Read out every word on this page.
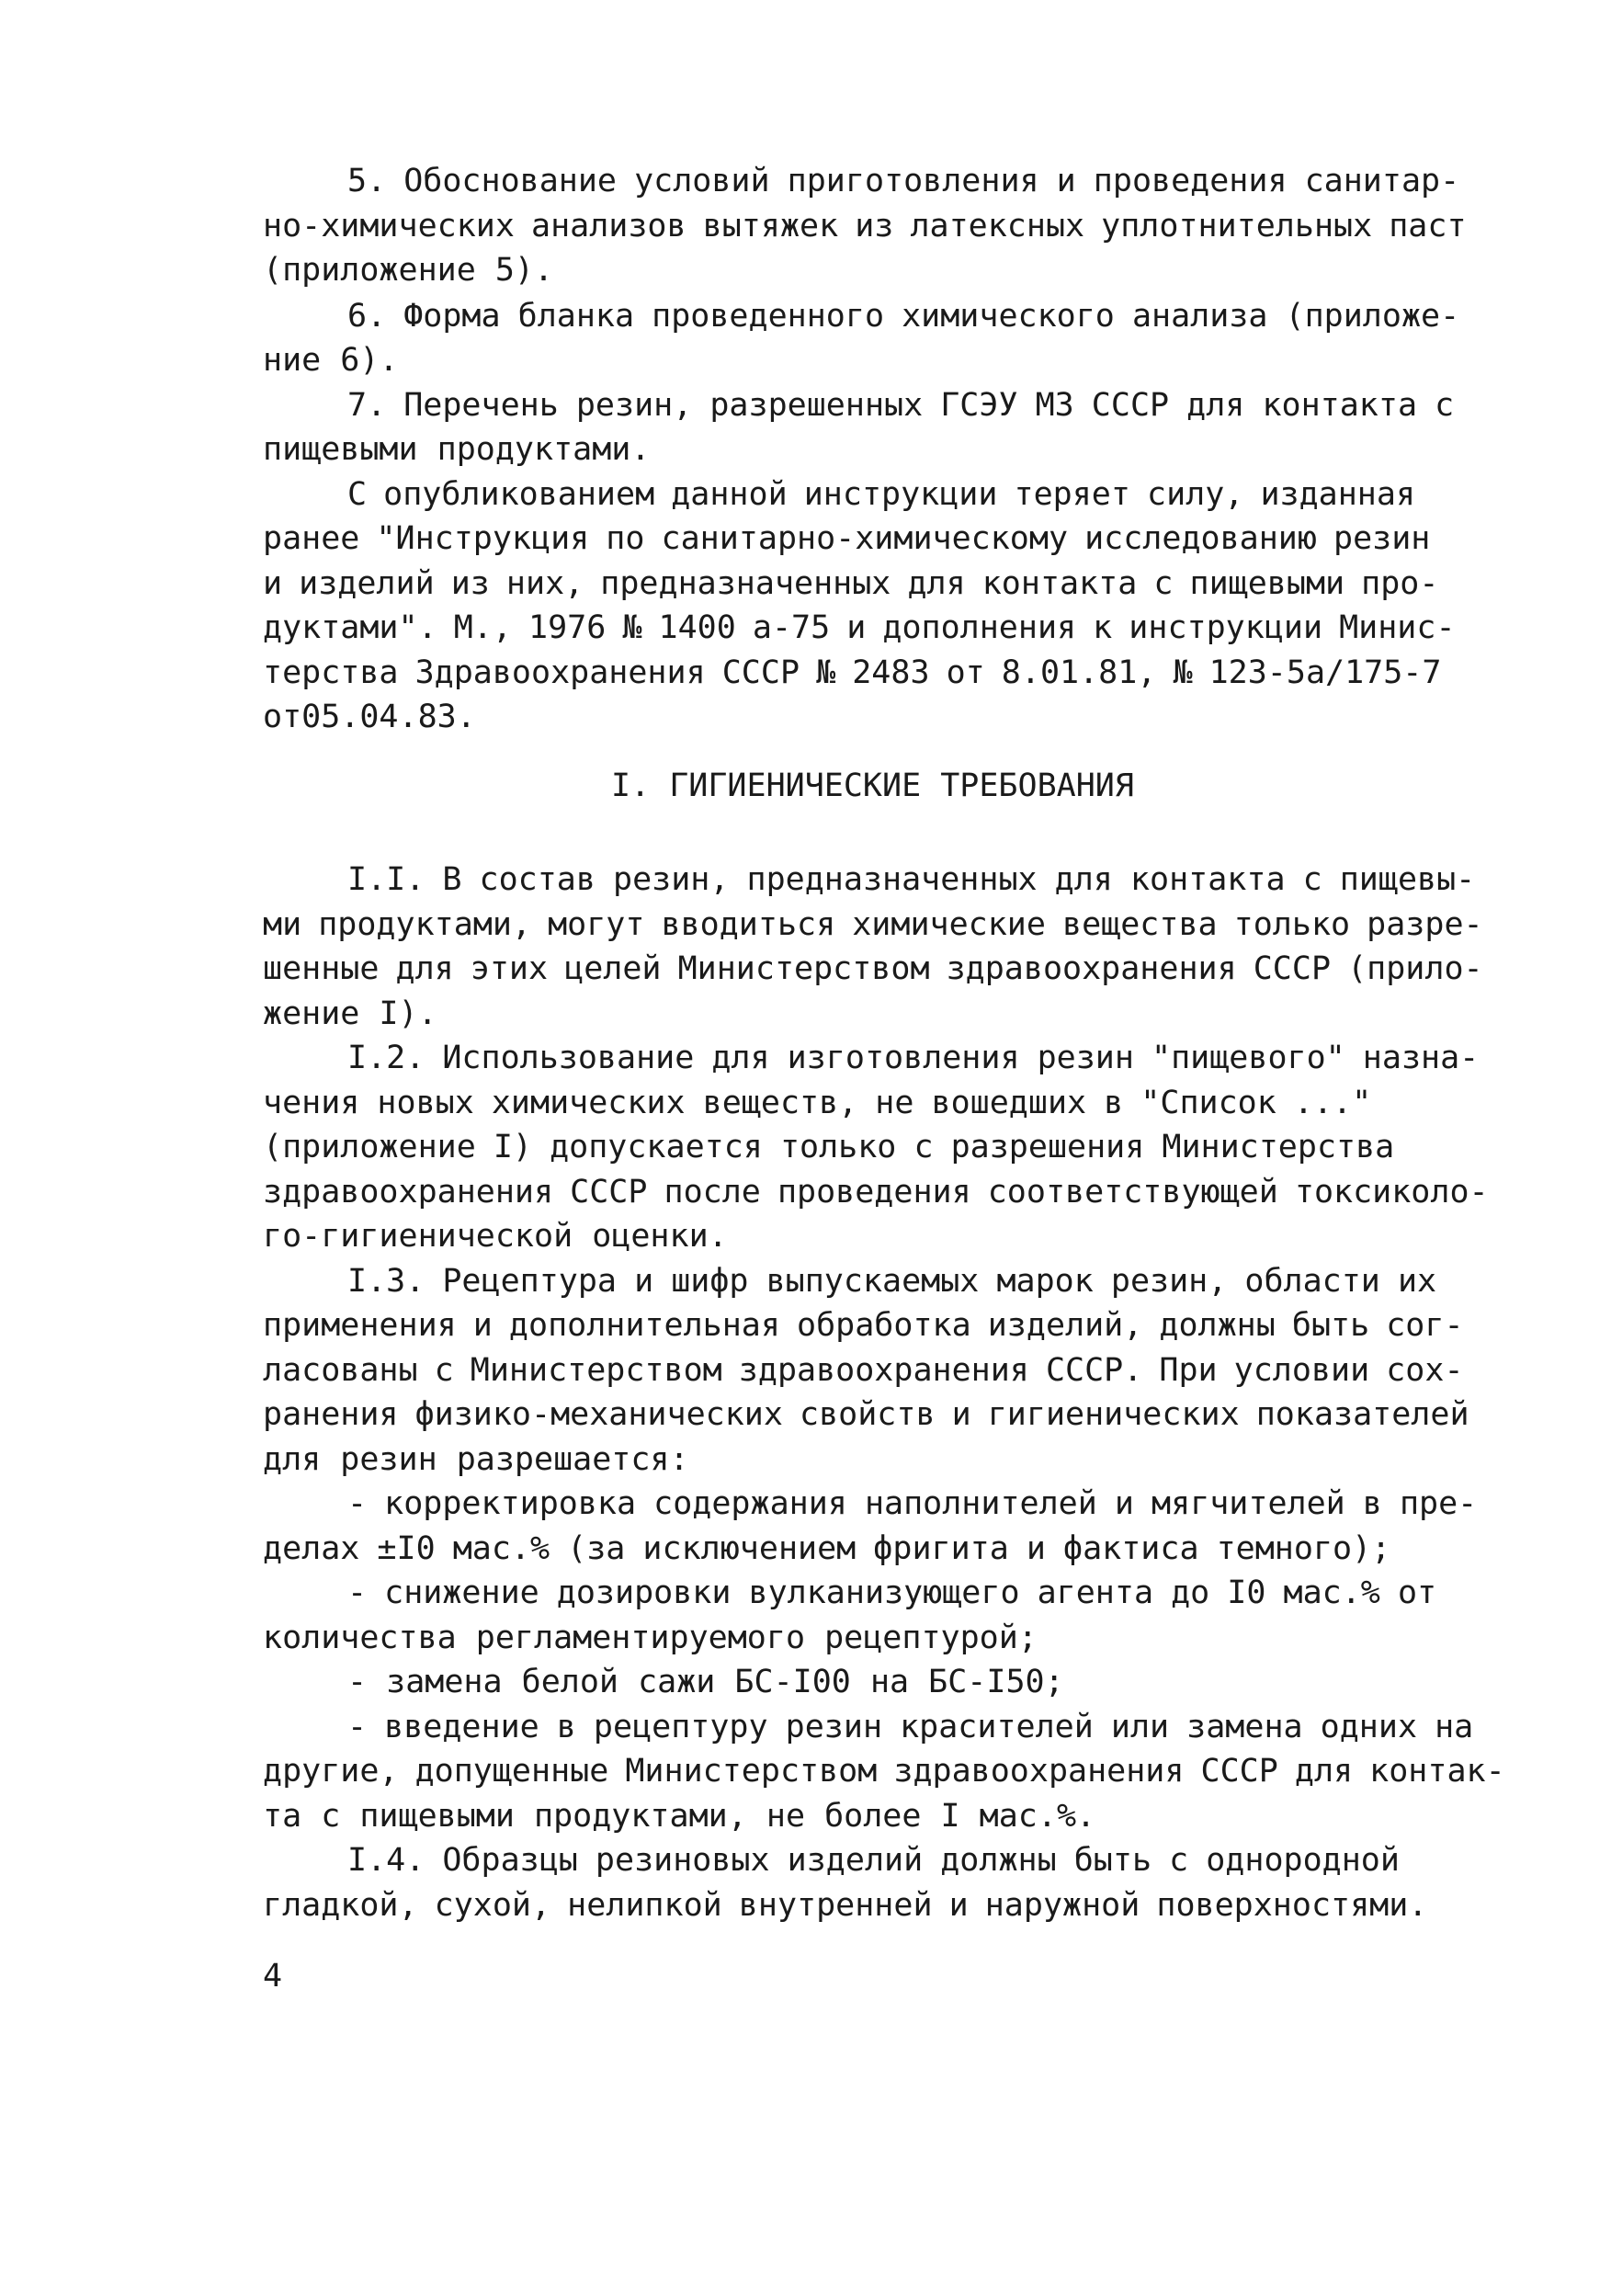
5. Обоснование условий приготовления и проведения санитар-
но-химических анализов вытяжек из латексных уплотнительных паст
(приложение 5).
6. Форма бланка проведенного химического анализа (приложе-
ние 6).
7. Перечень резин, разрешенных ГСЭУ МЗ СССР для контакта с
пищевыми продуктами.
С опубликованием данной инструкции теряет силу, изданная
ранее "Инструкция по санитарно-химическому исследованию резин
и изделий из них, предназначенных для контакта с пищевыми про-
дуктами". М., 1976 № 1400 а-75 и дополнения к инструкции Минис-
терства Здравоохранения СССР № 2483 от 8.01.81, № 123-5а/175-7
от05.04.83.
I. ГИГИЕНИЧЕСКИЕ ТРЕБОВАНИЯ
I.I. В состав резин, предназначенных для контакта с пищевы-
ми продуктами, могут вводиться химические вещества только разре-
шенные для этих целей Министерством здравоохранения СССР (прило-
жение I).
I.2. Использование для изготовления резин "пищевого" назна-
чения новых химических веществ, не вошедших в "Список ..."
(приложение I) допускается только с разрешения Министерства
здравоохранения СССР после проведения соответствующей токсиколо-
го-гигиенической оценки.
I.3. Рецептура и шифр выпускаемых марок резин, области их
применения и дополнительная обработка изделий, должны быть сог-
ласованы с Министерством здравоохранения СССР. При условии сох-
ранения физико-механических свойств и гигиенических показателей
для резин разрешается:
- корректировка содержания наполнителей и мягчителей в пре-
делах ±I0 мас.% (за исключением фригита и фактиса темного);
- снижение дозировки вулканизующего агента до I0 мас.% от
количества регламентируемого рецептурой;
- замена белой сажи БС-I00 на БС-I50;
- введение в рецептуру резин красителей или замена одних на
другие, допущенные Министерством здравоохранения СССР для контак-
та с пищевыми продуктами, не более I мас.%.
I.4. Образцы резиновых изделий должны быть с однородной
гладкой, сухой, нелипкой внутренней и наружной поверхностями.
4
